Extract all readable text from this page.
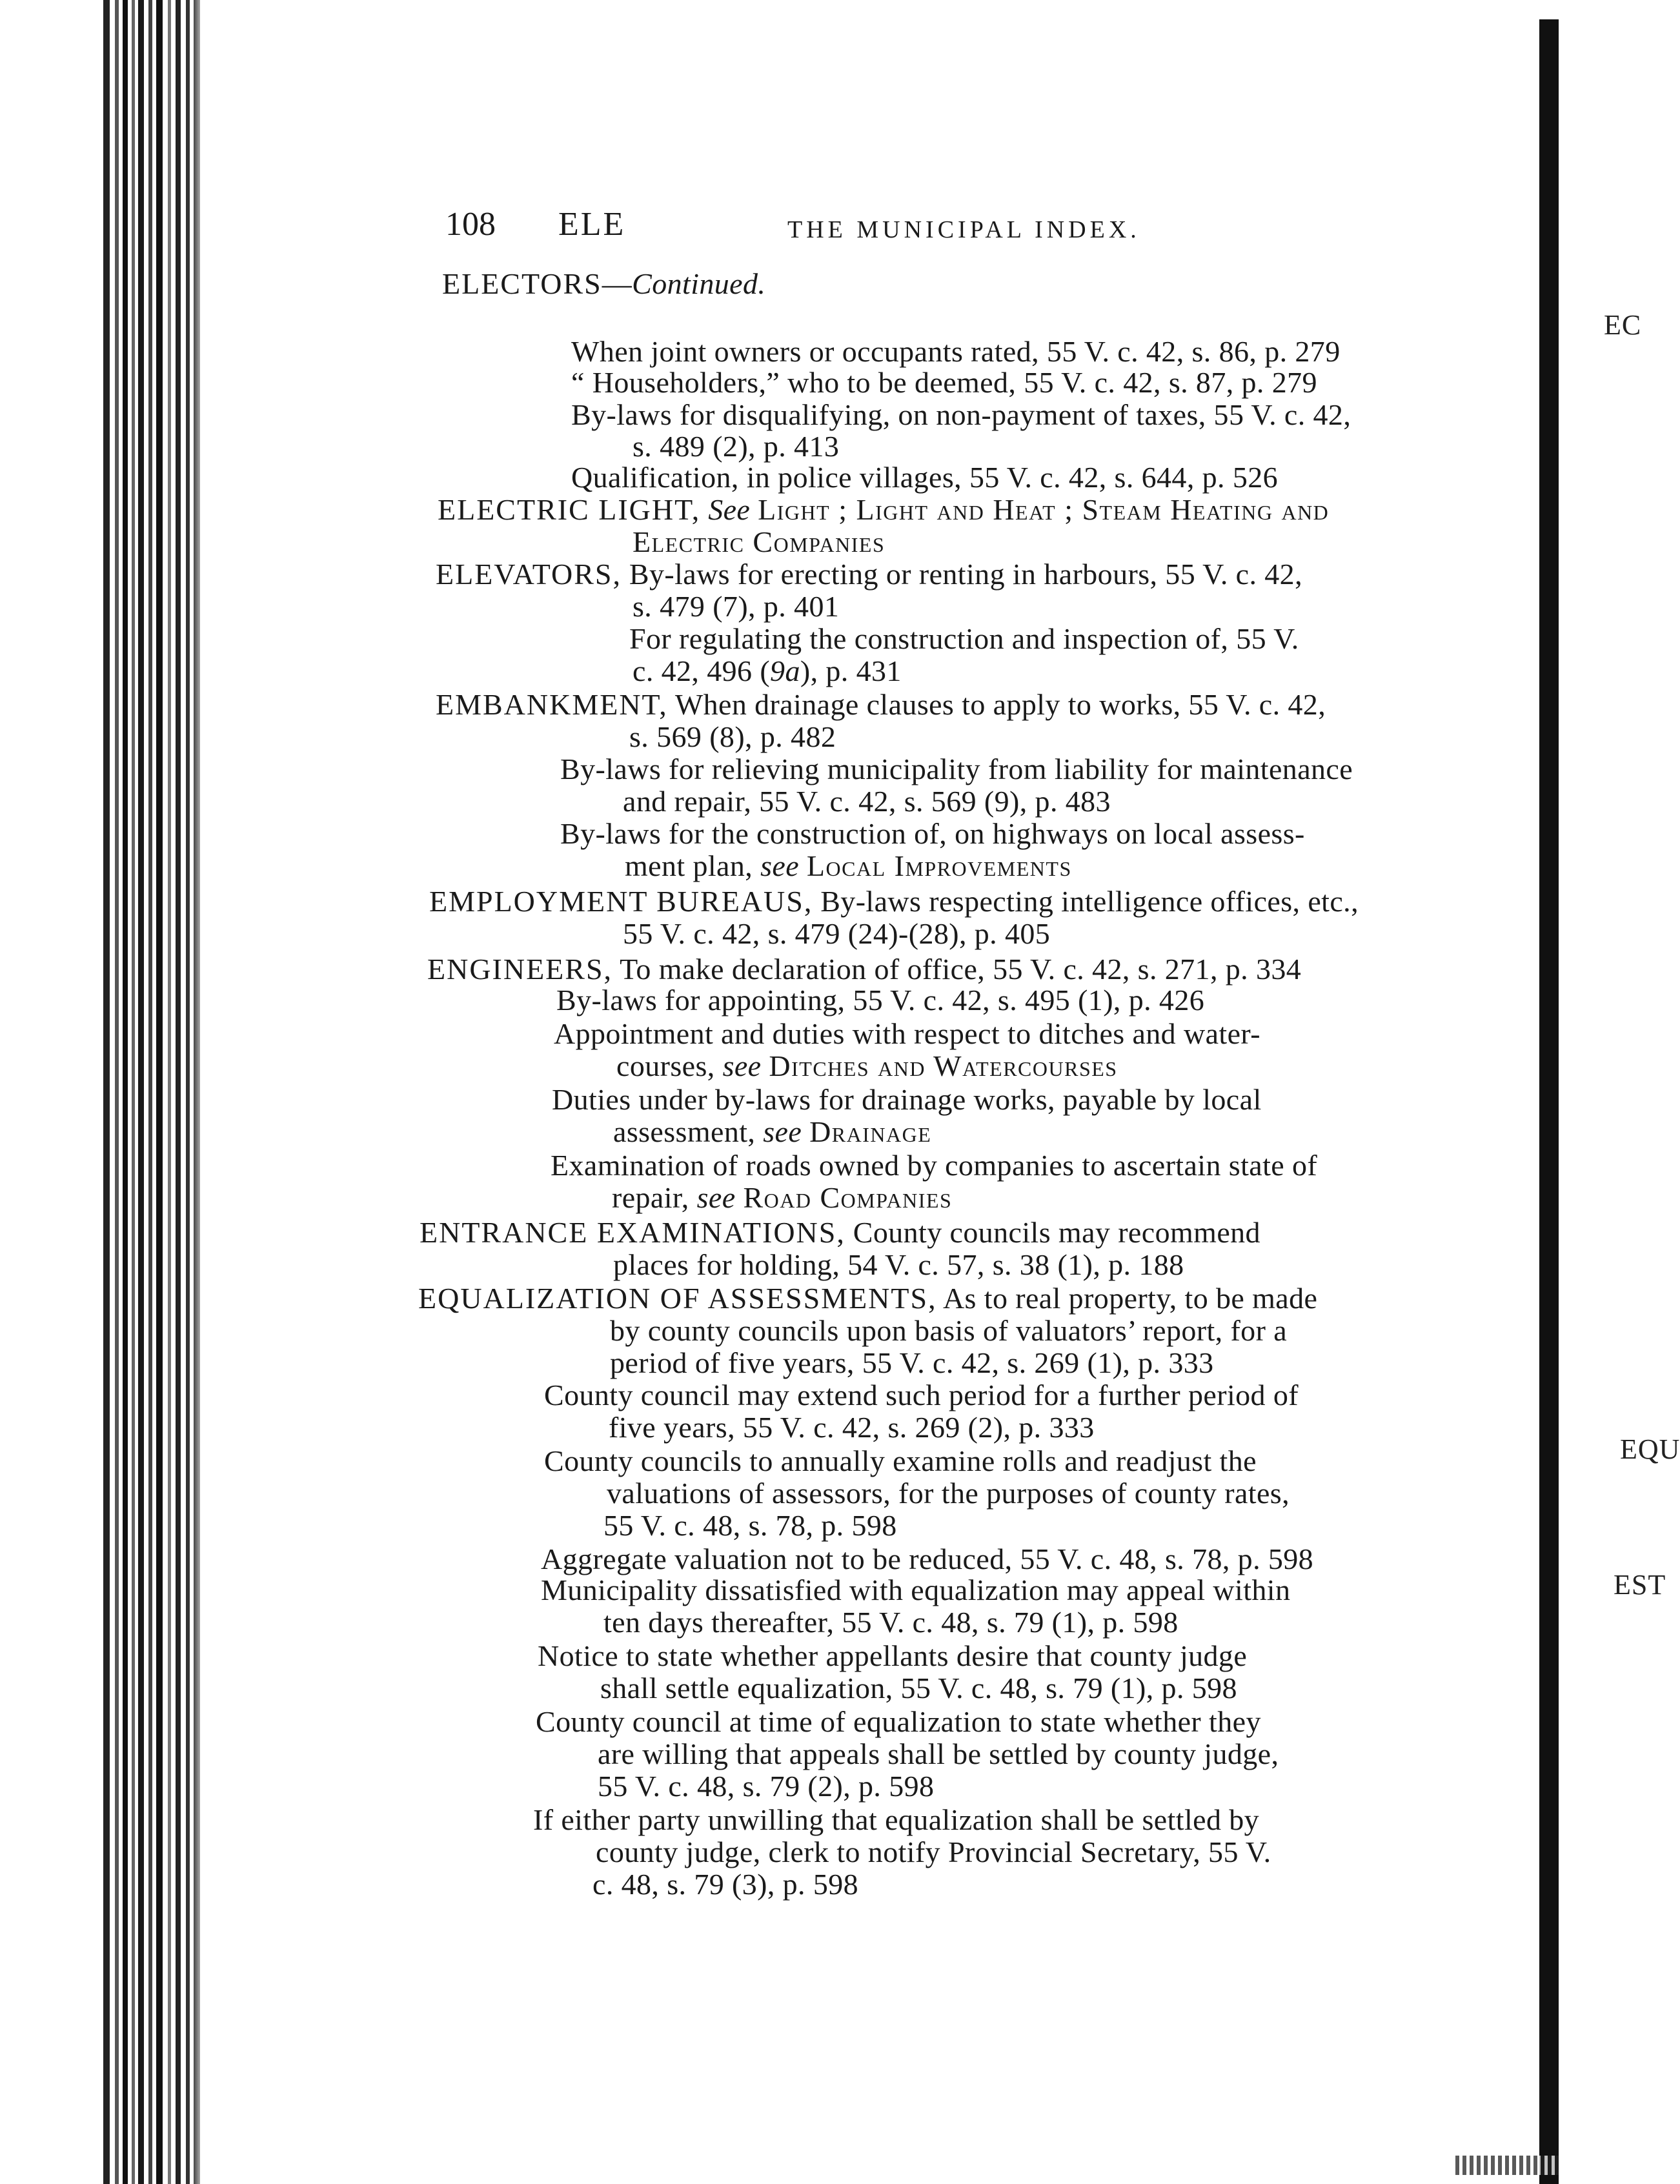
108 ELE	THE MUNICIPAL INDEX.
ELECTORS—Continued.
When joint owners or occupants rated, 55 V. c. 42, s. 86, p. 279
“ Householders,” who to be deemed, 55 V. c. 42, s. 87, p. 279
By-laws for disqualifying, on non-payment of taxes, 55 V. c. 42,
s. 489 (2), p. 413
Qualification, in police villages, 55 V. c. 42, s. 644, p. 526
ELECTRIC LIGHT, See Light ; Light and Heat ; Steam Heating and
Electric Companies
ELEVATORS, By-laws for erecting or renting in harbours, 55 V. c. 42,
s. 479 (7), p. 401
For regulating the construction and inspection of, 55 V.
c. 42, 496 (9a), p. 431
EMBANKMENT, When drainage clauses to apply to works, 55 V. c. 42,
s. 569 (8), p. 482
By-laws for relieving municipality from liability for maintenance
and repair, 55 V. c. 42, s. 569 (9), p. 483
By-laws for the construction of, on highways on local assess-
ment plan, see Local Improvements
EMPLOYMENT BUREAUS, By-laws respecting intelligence offices, etc.,
55 V. c. 42, s. 479 (24)-(28), p. 405
ENGINEERS, To make declaration of office, 55 V. c. 42, s. 271, p. 334
By-laws for appointing, 55 V. c. 42, s. 495 (1), p. 426
Appointment and duties with respect to ditches and water-
courses, see Ditches and Watercourses
Duties under by-laws for drainage works, payable by local
assessment, see Drainage
Examination of roads owned by companies to ascertain state of
repair, see Road Companies
ENTRANCE EXAMINATIONS, County councils may recommend
places for holding, 54 V. c. 57, s. 38 (1), p. 188
EQUALIZATION OF ASSESSMENTS, As to real property, to be made
by county councils upon basis of valuators’ report, for a
period of five years, 55 V. c. 42, s. 269 (1), p. 333
County council may extend such period for a further period of
five years, 55 V. c. 42, s. 269 (2), p. 333
County councils to annually examine rolls and readjust the
valuations of assessors, for the purposes of county rates,
55 V. c. 48, s. 78, p. 598
Aggregate valuation not to be reduced, 55 V. c. 48, s. 78, p. 598
Municipality dissatisfied with equalization may appeal within
ten days thereafter, 55 V. c. 48, s. 79 (1), p. 598
Notice to state whether appellants desire that county judge
shall settle equalization, 55 V. c. 48, s. 79 (1), p. 598
County council at time of equalization to state whether they
are willing that appeals shall be settled by county judge,
55 V. c. 48, s. 79 (2), p. 598
If either party unwilling that equalization shall be settled by
county judge, clerk to notify Provincial Secretary, 55 V.
c. 48, s. 79 (3), p. 598
EC
EQU
EST
